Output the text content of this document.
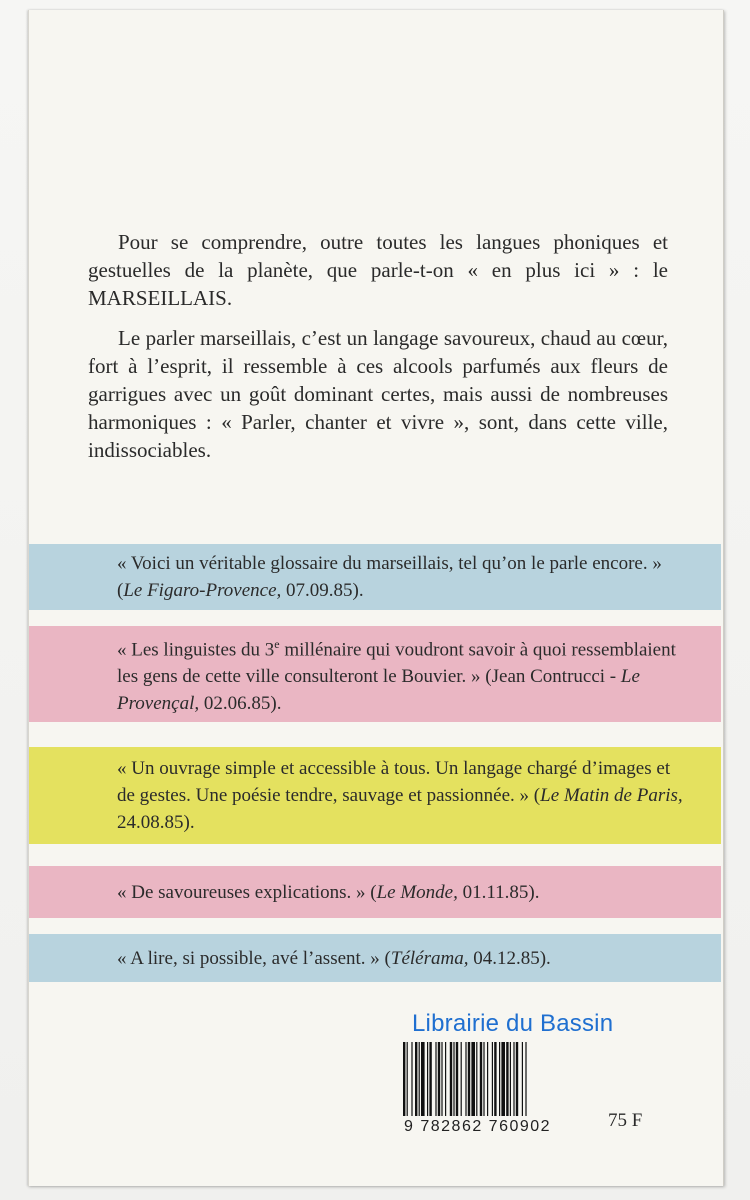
Pour se comprendre, outre toutes les langues phoniques et gestuelles de la planète, que parle-t-on « en plus ici » : le MARSEILLAIS.

Le parler marseillais, c’est un langage savoureux, chaud au cœur, fort à l’esprit, il ressemble à ces alcools parfumés aux fleurs de garrigues avec un goût dominant certes, mais aussi de nombreuses harmoniques : « Parler, chanter et vivre », sont, dans cette ville, indissociables.

« Voici un véritable glossaire du marseillais, tel qu’on le parle encore. » (Le Figaro-Provence, 07.09.85).
« Les linguistes du 3e millénaire qui voudront savoir à quoi ressemblaient les gens de cette ville consulteront le Bouvier. » (Jean Contrucci - Le Provençal, 02.06.85).
« Un ouvrage simple et accessible à tous. Un langage chargé d’images et de gestes. Une poésie tendre, sauvage et passionnée. » (Le Matin de Paris, 24.08.85).
« De savoureuses explications. » (Le Monde, 01.11.85).
« A lire, si possible, avé l’assent. » (Télérama, 04.12.85).
Librairie du Bassin
9 782862 760902	75 F
